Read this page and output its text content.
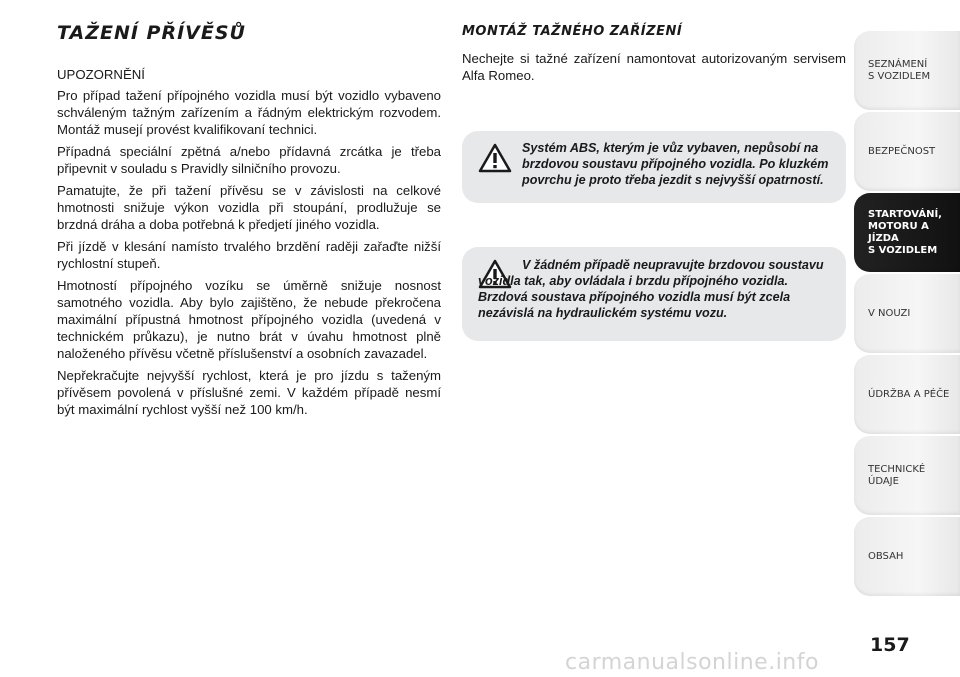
TAŽENÍ PŘÍVĚSŮ

UPOZORNĚNÍ

Pro případ tažení přípojného vozidla musí být vozidlo vybaveno schváleným tažným zařízením a řádným elektrickým rozvodem. Montáž musejí provést kvalifikovaní technici.

Případná speciální zpětná a/nebo přídavná zrcátka je třeba připevnit v souladu s Pravidly silničního provozu.

Pamatujte, že při tažení přívěsu se v závislosti na celkové hmotnosti snižuje výkon vozidla při stoupání, prodlužuje se brzdná dráha a doba potřebná k předjetí jiného vozidla.

Při jízdě v klesání namísto trvalého brzdění raději zařaďte nižší rychlostní stupeň.

Hmotností přípojného vozíku se úměrně snižuje nosnost samotného vozidla. Aby bylo zajištěno, že nebude překročena maximální přípustná hmotnost přípojného vozidla (uvedená v technickém průkazu), je nutno brát v úvahu hmotnost plně naloženého přívěsu včetně příslušenství a osobních zavazadel.

Nepřekračujte nejvyšší rychlost, která je pro jízdu s taženým přívěsem povolená v příslušné zemi. V každém případě nesmí být maximální rychlost vyšší než 100 km/h.

MONTÁŽ TAŽNÉHO ZAŘÍZENÍ

Nechejte si tažné zařízení namontovat autorizovaným servisem Alfa Romeo.

Systém ABS, kterým je vůz vybaven, nepůsobí na brzdovou soustavu přípojného vozidla. Po kluzkém povrchu je proto třeba jezdit s nejvyšší opatrností.
V žádném případě neupravujte brzdovou soustavu vozidla tak, aby ovládala i brzdu přípojného vozidla. Brzdová soustava přípojného vozidla musí být zcela nezávislá na hydraulickém systému vozu.
SEZNÁMENÍ
S VOZIDLEM
BEZPEČNOST
STARTOVÁNÍ,
MOTORU A JÍZDA
S VOZIDLEM
V NOUZI
ÚDRŽBA A PÉČE
TECHNICKÉ
ÚDAJE
OBSAH

157

carmanualsonline.info
